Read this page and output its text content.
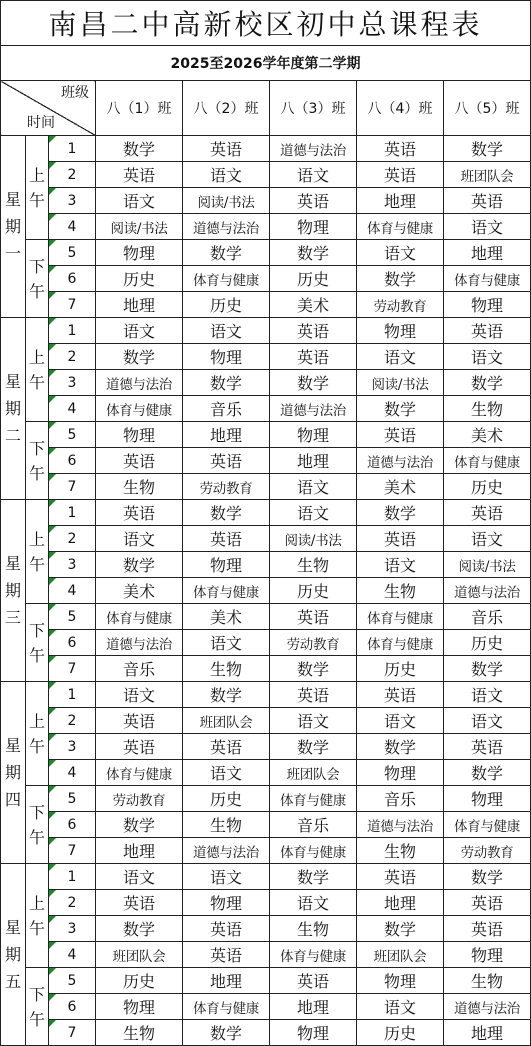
南昌二中高新校区初中总课程表							
2025至2026学年度第二学期							

班级
时间			八（1）班	八（2）班	八（3）班	八（4）班	八（5）班
星期一	上午	1	数学	英语	道德与法治	英语	数学
		2	英语	语文	语文	英语	班团队会
		3	语文	阅读/书法	英语	地理	英语
		4	阅读/书法	道德与法治	物理	体育与健康	语文
	下午	5	物理	数学	数学	语文	地理
		6	历史	体育与健康	历史	数学	体育与健康
		7	地理	历史	美术	劳动教育	物理
星期二	上午	1	语文	语文	英语	物理	英语
		2	数学	物理	英语	语文	语文
		3	道德与法治	数学	数学	阅读/书法	数学
		4	体育与健康	音乐	道德与法治	数学	生物
	下午	5	物理	地理	物理	英语	美术
		6	英语	英语	地理	道德与法治	体育与健康
		7	生物	劳动教育	语文	美术	历史
星期三	上午	1	英语	数学	语文	数学	英语
		2	语文	英语	阅读/书法	英语	语文
		3	数学	物理	生物	语文	阅读/书法
		4	美术	体育与健康	历史	生物	道德与法治
	下午	5	体育与健康	美术	英语	体育与健康	音乐
		6	道德与法治	语文	劳动教育	体育与健康	历史
		7	音乐	生物	数学	历史	数学
星期四	上午	1	语文	数学	英语	英语	语文
		2	英语	班团队会	语文	语文	语文
		3	英语	英语	数学	数学	英语
		4	体育与健康	语文	班团队会	物理	数学
	下午	5	劳动教育	历史	体育与健康	音乐	物理
		6	数学	生物	音乐	道德与法治	体育与健康
		7	地理	道德与法治	体育与健康	生物	劳动教育
星期五	上午	1	语文	语文	数学	英语	数学
		2	英语	物理	语文	地理	英语
		3	数学	英语	生物	数学	英语
		4	班团队会	英语	体育与健康	班团队会	物理
	下午	5	历史	地理	英语	物理	生物
		6	物理	体育与健康	地理	语文	道德与法治
		7	生物	数学	物理	历史	地理
